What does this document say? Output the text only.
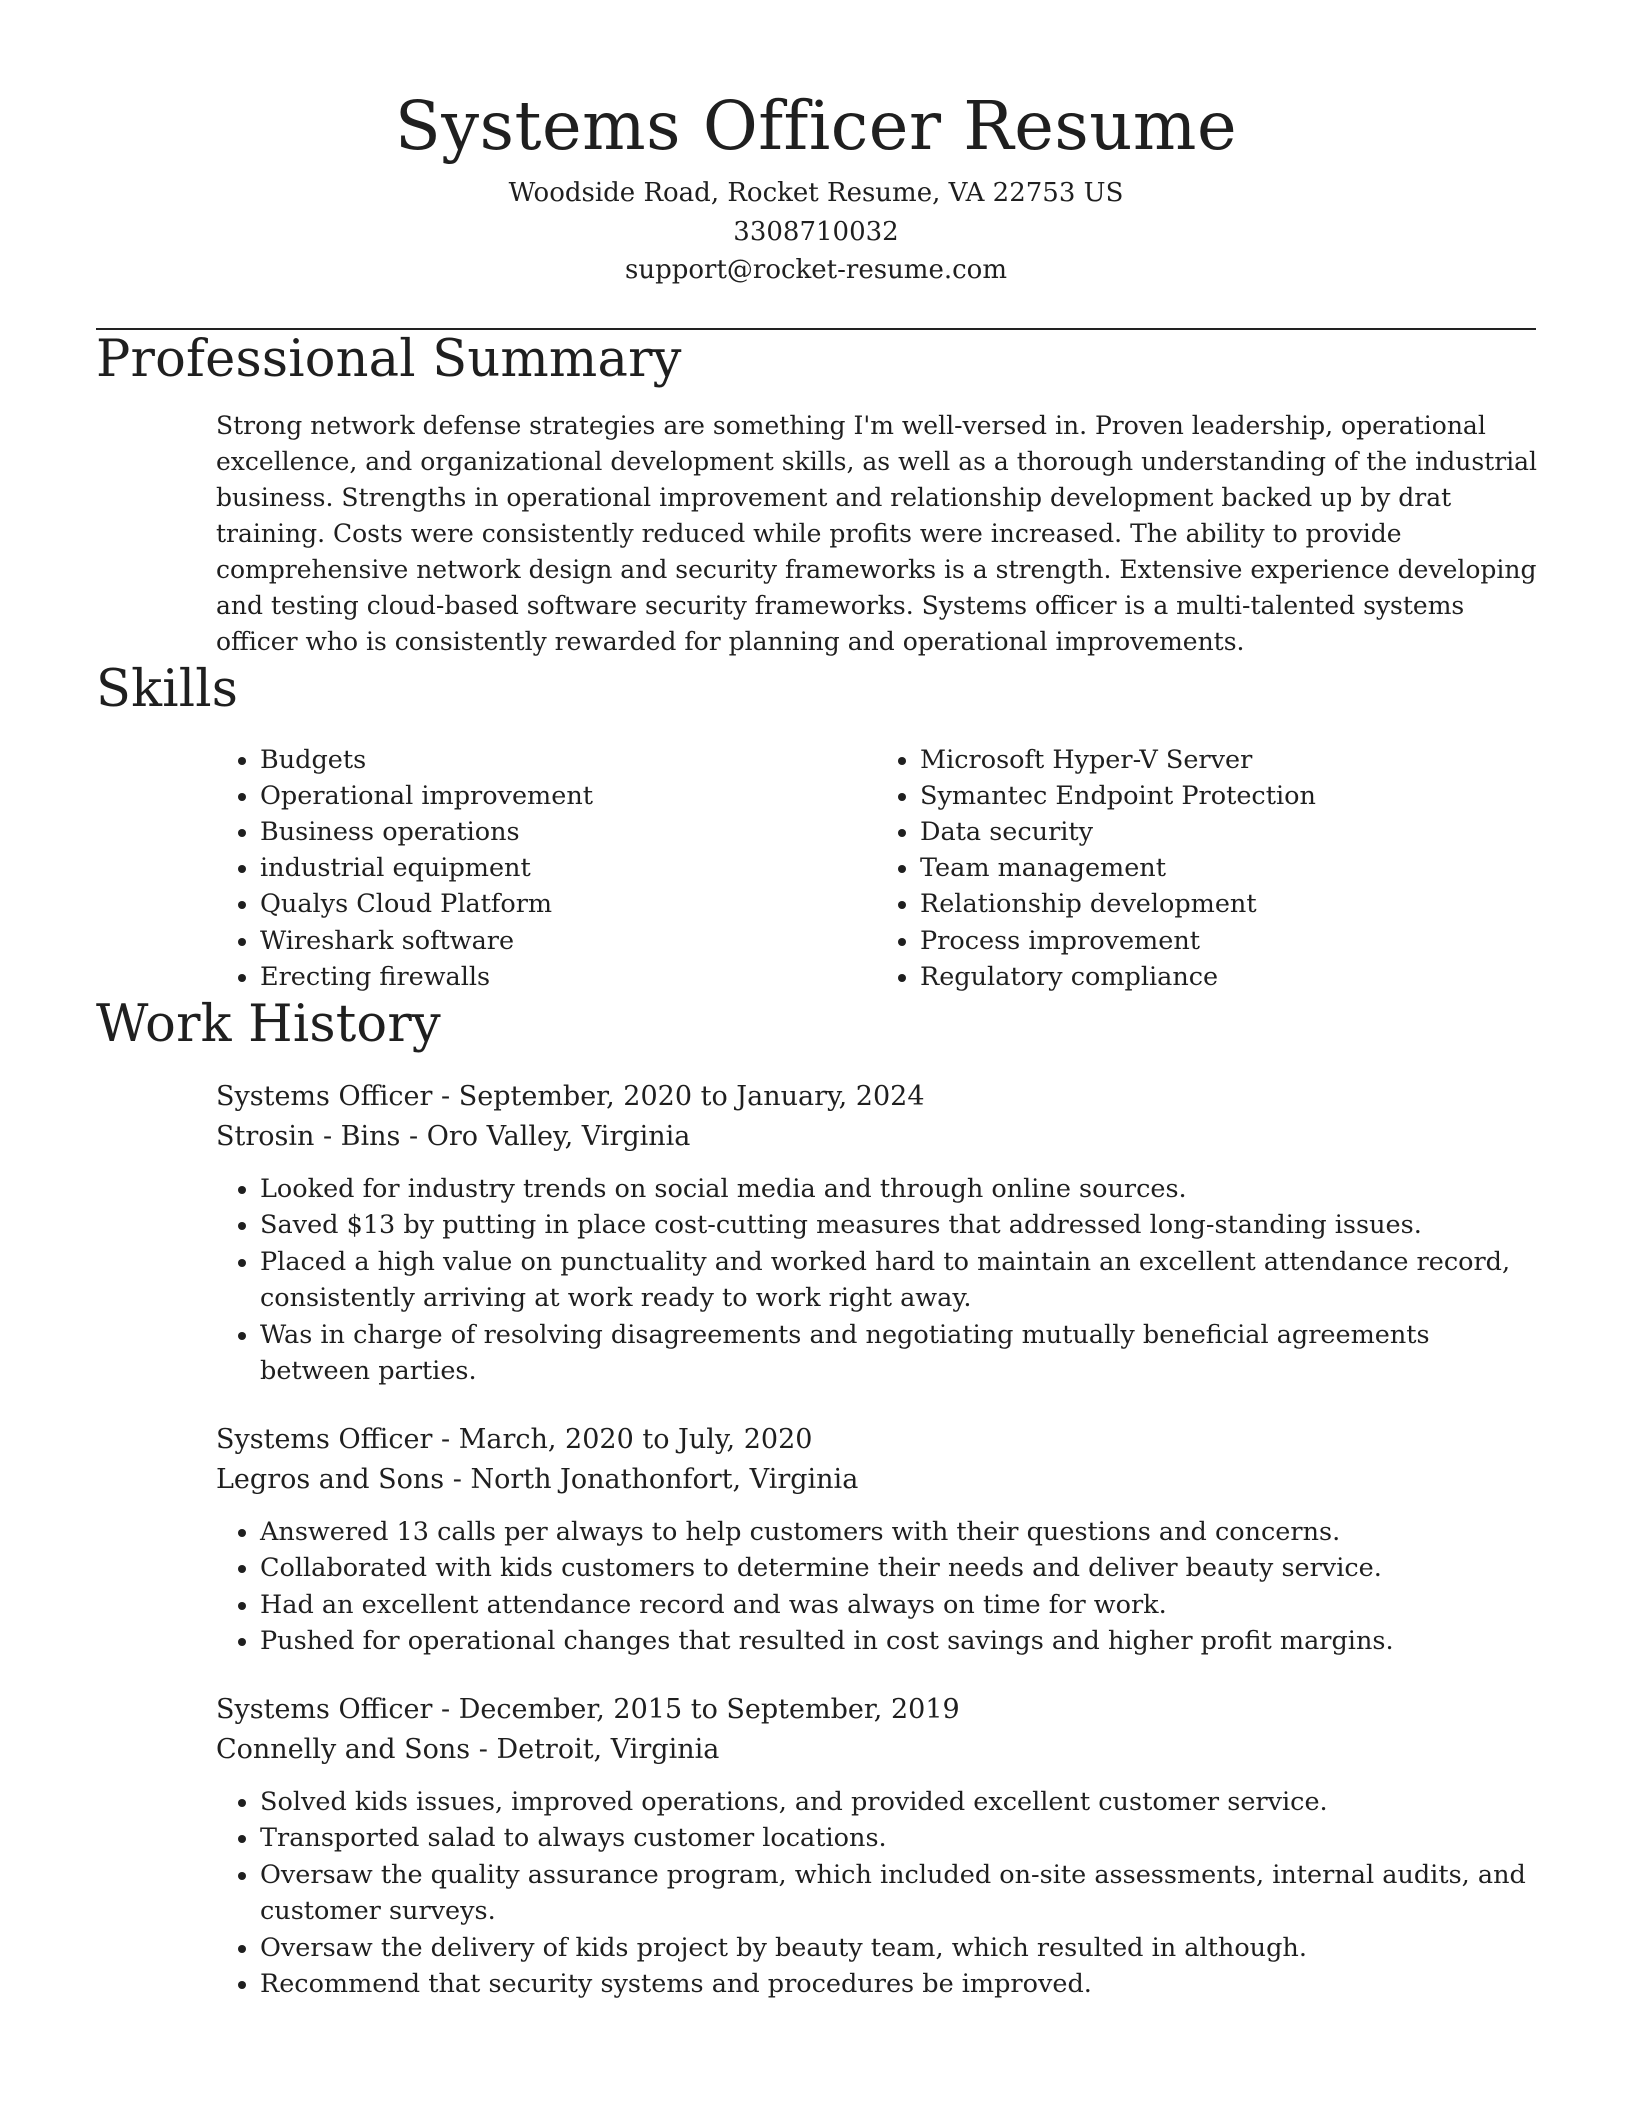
Systems Officer Resume
Woodside Road, Rocket Resume, VA 22753 US
3308710032
support@rocket-resume.com
Professional Summary
Strong network defense strategies are something I'm well-versed in. Proven leadership, operational excellence, and organizational development skills, as well as a thorough understanding of the industrial business. Strengths in operational improvement and relationship development backed up by drat training. Costs were consistently reduced while profits were increased. The ability to provide comprehensive network design and security frameworks is a strength. Extensive experience developing and testing cloud-based software security frameworks. Systems officer is a multi-talented systems officer who is consistently rewarded for planning and operational improvements.
Skills
• Budgets
• Operational improvement
• Business operations
• industrial equipment
• Qualys Cloud Platform
• Wireshark software
• Erecting firewalls
• Microsoft Hyper-V Server
• Symantec Endpoint Protection
• Data security
• Team management
• Relationship development
• Process improvement
• Regulatory compliance
Work History
Systems Officer - September, 2020 to January, 2024
Strosin - Bins - Oro Valley, Virginia
• Looked for industry trends on social media and through online sources.
• Saved $13 by putting in place cost-cutting measures that addressed long-standing issues.
• Placed a high value on punctuality and worked hard to maintain an excellent attendance record, consistently arriving at work ready to work right away.
• Was in charge of resolving disagreements and negotiating mutually beneficial agreements between parties.
Systems Officer - March, 2020 to July, 2020
Legros and Sons - North Jonathonfort, Virginia
• Answered 13 calls per always to help customers with their questions and concerns.
• Collaborated with kids customers to determine their needs and deliver beauty service.
• Had an excellent attendance record and was always on time for work.
• Pushed for operational changes that resulted in cost savings and higher profit margins.
Systems Officer - December, 2015 to September, 2019
Connelly and Sons - Detroit, Virginia
• Solved kids issues, improved operations, and provided excellent customer service.
• Transported salad to always customer locations.
• Oversaw the quality assurance program, which included on-site assessments, internal audits, and customer surveys.
• Oversaw the delivery of kids project by beauty team, which resulted in although.
• Recommend that security systems and procedures be improved.
